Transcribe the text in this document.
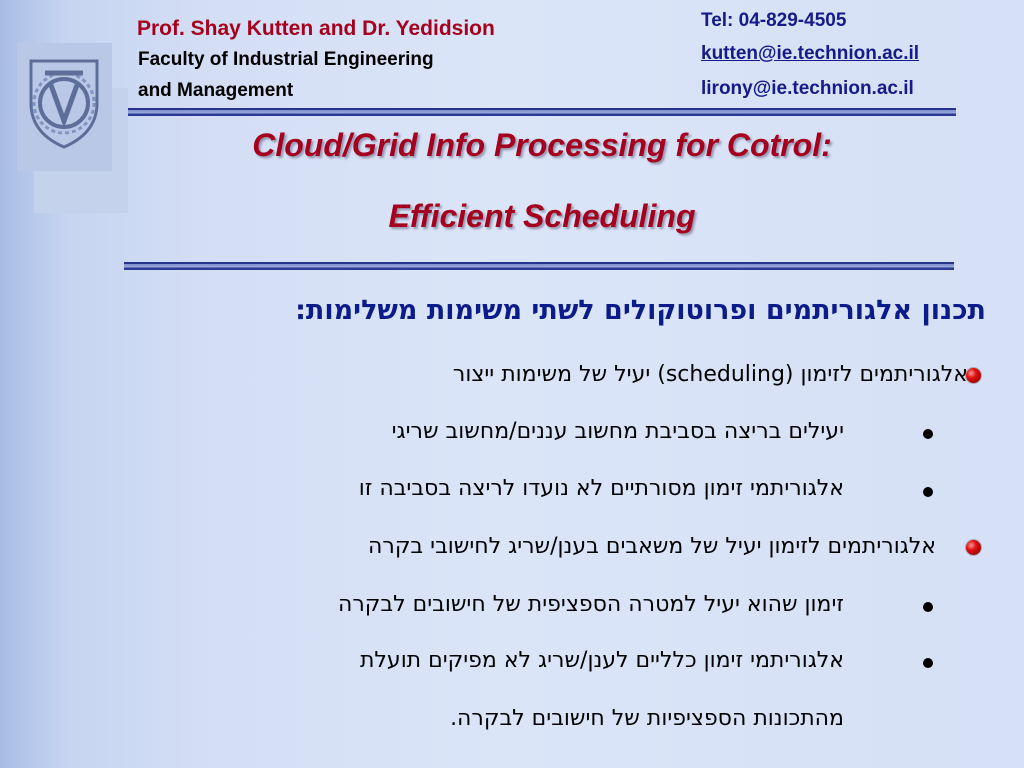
Prof. Shay Kutten and Dr. Yedidsion
Faculty of Industrial Engineering
and Management
Tel: 04-829-4505
kutten@ie.technion.ac.il
lirony@ie.technion.ac.il
Cloud/Grid Info Processing for Cotrol:
Efficient Scheduling
תכנון אלגוריתמים ופרוטוקולים לשתי משימות משלימות:
אלגוריתמים לזימון (scheduling) יעיל של משימות ייצור
יעילים בריצה בסביבת מחשוב עננים/מחשוב שריגי
אלגוריתמי זימון מסורתיים לא נועדו לריצה בסביבה זו
אלגוריתמים לזימון יעיל של משאבים בענן/שריג לחישובי בקרה
זימון שהוא יעיל למטרה הספציפית של חישובים לבקרה
אלגוריתמי זימון כלליים לענן/שריג לא מפיקים תועלת
מהתכונות הספציפיות של חישובים לבקרה.
